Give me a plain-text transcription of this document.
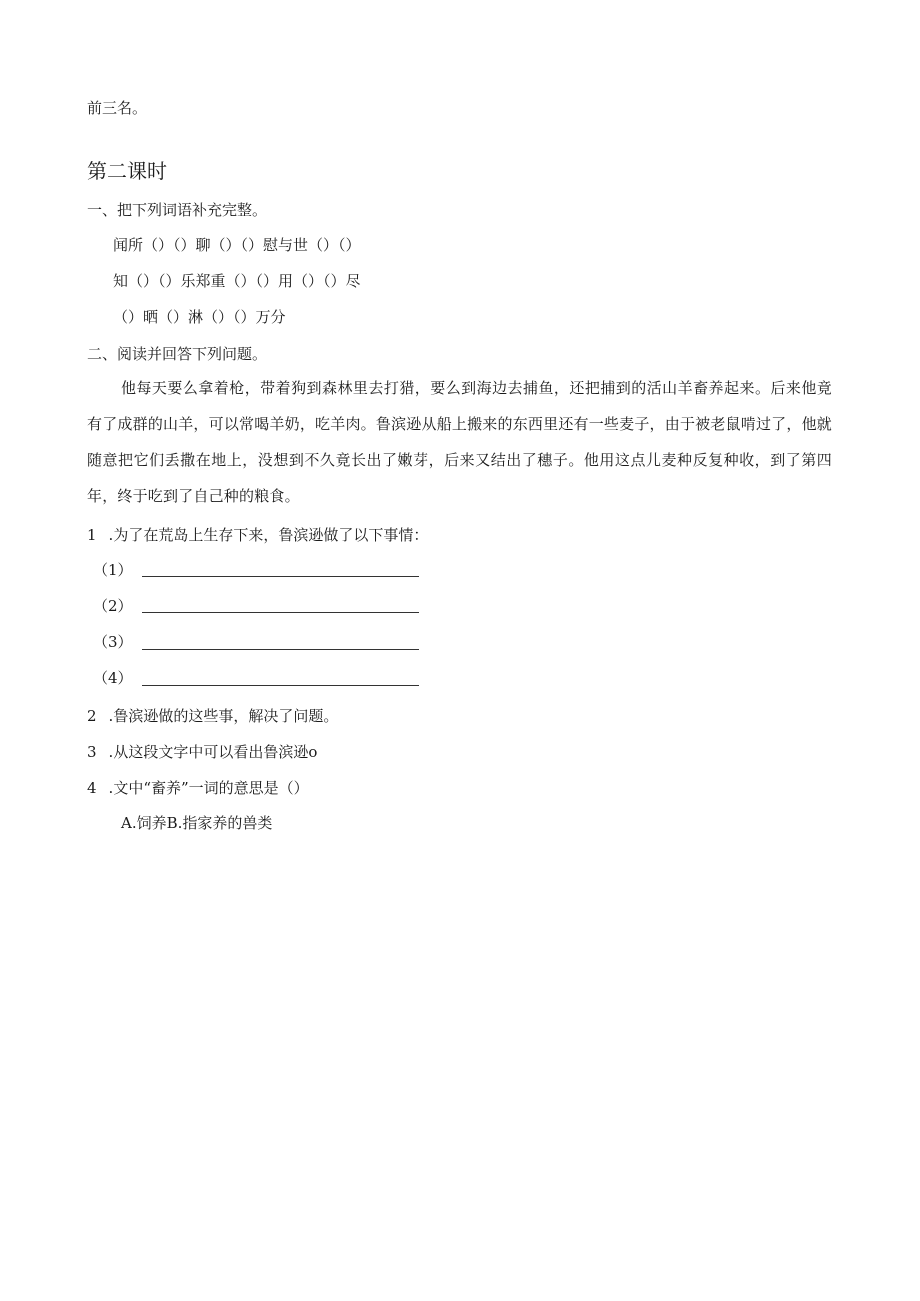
前三名。
第二课时
一、把下列词语补充完整。
闻所（）（）聊（）（）慰与世（）（）
知（）（）乐郑重（）（）用（）（）尽
（）晒（）淋（）（）万分
二、阅读并回答下列问题。
他每天要么拿着枪，带着狗到森林里去打猎，要么到海边去捕鱼，还把捕到的活山羊畜养起来。后来他竟有了成群的山羊，可以常喝羊奶，吃羊肉。鲁滨逊从船上搬来的东西里还有一些麦子，由于被老鼠啃过了，他就随意把它们丢撒在地上，没想到不久竟长出了嫩芽，后来又结出了穗子。他用这点儿麦种反复种收，到了第四年，终于吃到了自己种的粮食。
1 .为了在荒岛上生存下来，鲁滨逊做了以下事情：
（1）
（2）
（3）
（4）
2 .鲁滨逊做的这些事，解决了问题。
3 .从这段文字中可以看出鲁滨逊o
4 .文中“畜养”一词的意思是（）
A.饲养B.指家养的兽类
